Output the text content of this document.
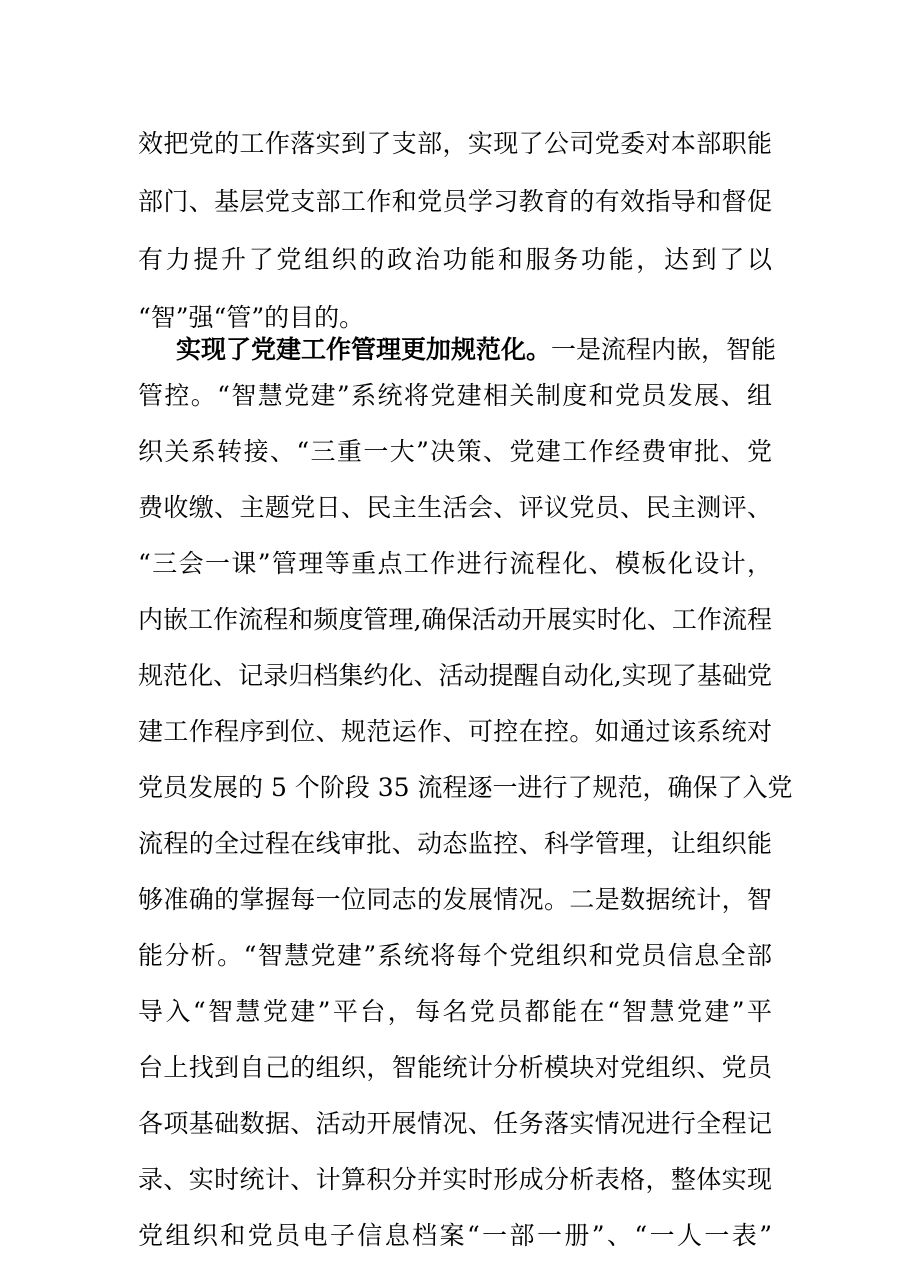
效把党的工作落实到了支部，实现了公司党委对本部职能
部门、基层党支部工作和党员学习教育的有效指导和督促
有力提升了党组织的政治功能和服务功能，达到了以
“智”强“管”的目的。
实现了党建工作管理更加规范化。一是流程内嵌，智能
管控。“智慧党建”系统将党建相关制度和党员发展、组
织关系转接、“三重一大”决策、党建工作经费审批、党
费收缴、主题党日、民主生活会、评议党员、民主测评、
“三会一课”管理等重点工作进行流程化、模板化设计，
内嵌工作流程和频度管理,确保活动开展实时化、工作流程
规范化、记录归档集约化、活动提醒自动化,实现了基础党
建工作程序到位、规范运作、可控在控。如通过该系统对
党员发展的 5 个阶段 35 流程逐一进行了规范，确保了入党
流程的全过程在线审批、动态监控、科学管理，让组织能
够准确的掌握每一位同志的发展情况。二是数据统计，智
能分析。“智慧党建”系统将每个党组织和党员信息全部
导入“智慧党建”平台，每名党员都能在“智慧党建”平
台上找到自己的组织，智能统计分析模块对党组织、党员
各项基础数据、活动开展情况、任务落实情况进行全程记
录、实时统计、计算积分并实时形成分析表格，整体实现
党组织和党员电子信息档案“一部一册”、“一人一表”
